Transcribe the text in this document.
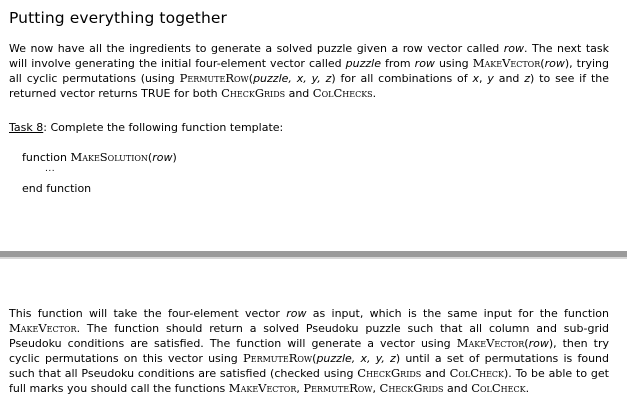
Putting everything together
We now have all the ingredients to generate a solved puzzle given a row vector called row. The next task will involve generating the initial four-element vector called puzzle from row using MakeVector(row), trying all cyclic permutations (using PermuteRow(puzzle, x, y, z) for all combinations of x, y and z) to see if the returned vector returns TRUE for both CheckGrids and ColChecks.
Task 8: Complete the following function template:
function MakeSolution(row)
...
end function
This function will take the four-element vector row as input, which is the same input for the function MakeVector. The function should return a solved Pseudoku puzzle such that all column and sub-grid Pseudoku conditions are satisfied. The function will generate a vector using MakeVector(row), then try cyclic permutations on this vector using PermuteRow(puzzle, x, y, z) until a set of permutations is found such that all Pseudoku conditions are satisfied (checked using CheckGrids and ColCheck). To be able to get full marks you should call the functions MakeVector, PermuteRow, CheckGrids and ColCheck.
